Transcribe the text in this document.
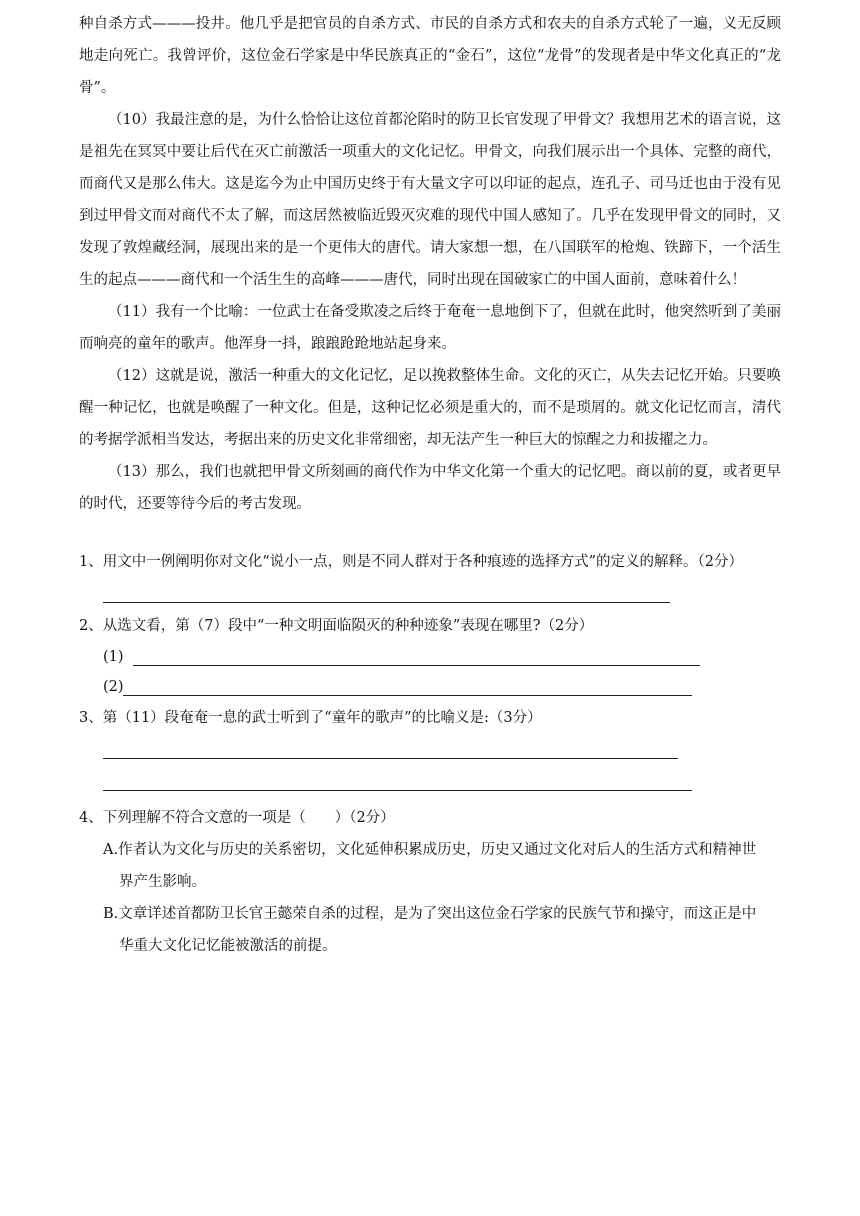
种自杀方式———投井。他几乎是把官员的自杀方式、市民的自杀方式和农夫的自杀方式轮了一遍，义无反顾地走向死亡。我曾评价，这位金石学家是中华民族真正的“金石”，这位“龙骨”的发现者是中华文化真正的“龙骨”。

（10）我最注意的是，为什么恰恰让这位首都沦陷时的防卫长官发现了甲骨文？我想用艺术的语言说，这是祖先在冥冥中要让后代在灭亡前激活一项重大的文化记忆。甲骨文，向我们展示出一个具体、完整的商代，而商代又是那么伟大。这是迄今为止中国历史终于有大量文字可以印证的起点，连孔子、司马迁也由于没有见到过甲骨文而对商代不太了解，而这居然被临近毁灭灾难的现代中国人感知了。几乎在发现甲骨文的同时，又发现了敦煌藏经洞，展现出来的是一个更伟大的唐代。请大家想一想，在八国联军的枪炮、铁蹄下，一个活生生的起点———商代和一个活生生的高峰———唐代，同时出现在国破家亡的中国人面前，意味着什么！

（11）我有一个比喻：一位武士在备受欺凌之后终于奄奄一息地倒下了，但就在此时，他突然听到了美丽而响亮的童年的歌声。他浑身一抖，踉踉跄跄地站起身来。

（12）这就是说，激活一种重大的文化记忆，足以挽救整体生命。文化的灭亡，从失去记忆开始。只要唤醒一种记忆，也就是唤醒了一种文化。但是，这种记忆必须是重大的，而不是琐屑的。就文化记忆而言，清代的考据学派相当发达，考据出来的历史文化非常细密，却无法产生一种巨大的惊醒之力和拔擢之力。

（13）那么，我们也就把甲骨文所刻画的商代作为中华文化第一个重大的记忆吧。商以前的夏，或者更早的时代，还要等待今后的考古发现。

1、用文中一例阐明你对文化“说小一点，则是不同人群对于各种痕迹的选择方式”的定义的解释。（2分）

2、从选文看，第（7）段中“一种文明面临陨灭的种种迹象”表现在哪里?（2分）

(1)
(2)

3、第（11）段奄奄一息的武士听到了“童年的歌声”的比喻义是:（3分）

4、下列理解不符合文意的一项是（　　）（2分）

A.作者认为文化与历史的关系密切，文化延伸积累成历史，历史又通过文化对后人的生活方式和精神世
界产生影响。

B.文章详述首都防卫长官王懿荣自杀的过程，是为了突出这位金石学家的民族气节和操守，而这正是中
华重大文化记忆能被激活的前提。
